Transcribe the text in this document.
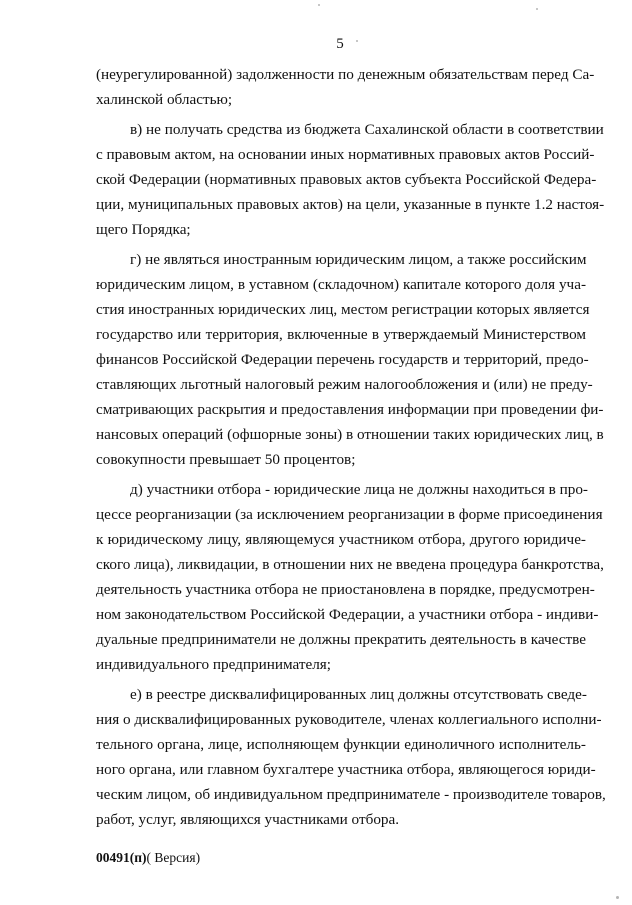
5
(неурегулированной) задолженности по денежным обязательствам перед Са-
халинской областью;
в) не получать средства из бюджета Сахалинской области в соответствии
с правовым актом, на основании иных нормативных правовых актов Россий-
ской Федерации (нормативных правовых актов субъекта Российской Федера-
ции, муниципальных правовых актов) на цели, указанные в пункте 1.2 настоя-
щего Порядка;
г) не являться иностранным юридическим лицом, а также российским
юридическим лицом, в уставном (складочном) капитале которого доля уча-
стия иностранных юридических лиц, местом регистрации которых является
государство или территория, включенные в утверждаемый Министерством
финансов Российской Федерации перечень государств и территорий, предо-
ставляющих льготный налоговый режим налогообложения и (или) не преду-
сматривающих раскрытия и предоставления информации при проведении фи-
нансовых операций (офшорные зоны) в отношении таких юридических лиц, в
совокупности превышает 50 процентов;
д) участники отбора - юридические лица не должны находиться в про-
цессе реорганизации (за исключением реорганизации в форме присоединения
к юридическому лицу, являющемуся участником отбора, другого юридиче-
ского лица), ликвидации, в отношении них не введена процедура банкротства,
деятельность участника отбора не приостановлена в порядке, предусмотрен-
ном законодательством Российской Федерации, а участники отбора - индиви-
дуальные предприниматели не должны прекратить деятельность в качестве
индивидуального предпринимателя;
е) в реестре дисквалифицированных лиц должны отсутствовать сведе-
ния о дисквалифицированных руководителе, членах коллегиального исполни-
тельного органа, лице, исполняющем функции единоличного исполнитель-
ного органа, или главном бухгалтере участника отбора, являющегося юриди-
ческим лицом, об индивидуальном предпринимателе - производителе товаров,
работ, услуг, являющихся участниками отбора.
00491(п)( Версия)
